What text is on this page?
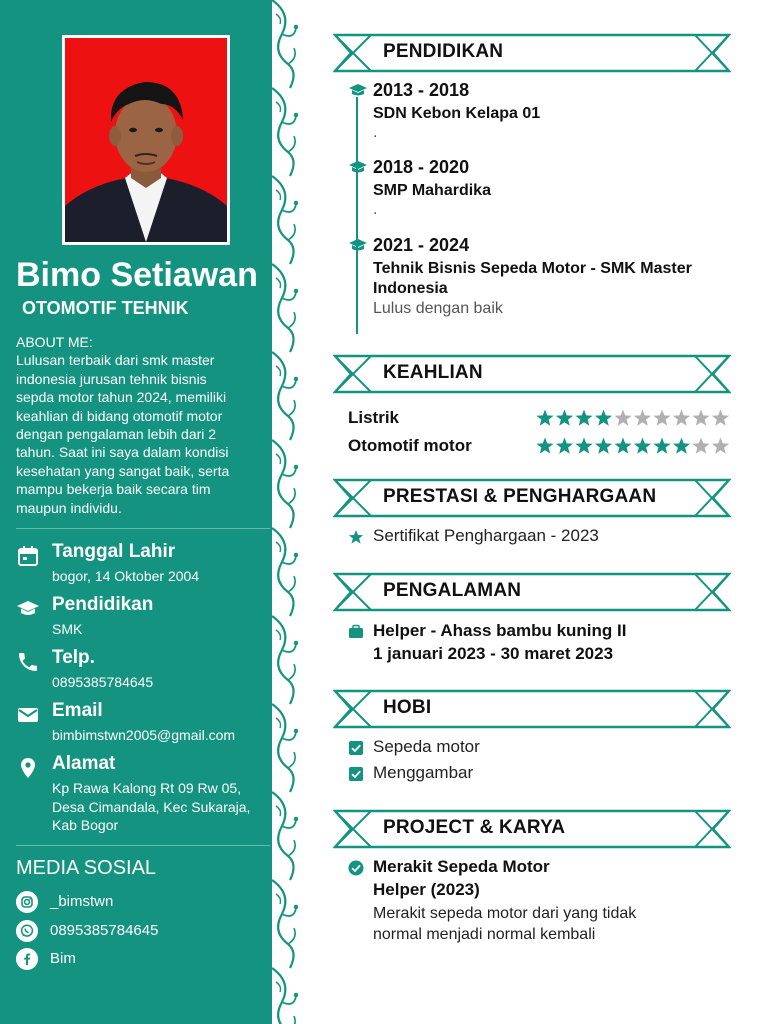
Bimo Setiawan
OTOMOTIF TEHNIK
ABOUT ME:
Lulusan terbaik dari smk master
indonesia jurusan tehnik bisnis
sepda motor tahun 2024, memiliki
keahlian di bidang otomotif motor
dengan pengalaman lebih dari 2
tahun. Saat ini saya dalam kondisi
kesehatan yang sangat baik, serta
mampu bekerja baik secara tim
maupun individu.
Tanggal Lahir
bogor, 14 Oktober 2004
Pendidikan
SMK
Telp.
0895385784645
Email
bimbimstwn2005@gmail.com
Alamat
Kp Rawa Kalong Rt 09 Rw 05,
Desa Cimandala, Kec Sukaraja,
Kab Bogor
MEDIA SOSIAL
_bimstwn
0895385784645
Bim
PENDIDIKAN
KEAHLIAN
PRESTASI & PENGHARGAAN
PENGALAMAN
HOBI
PROJECT & KARYA
2013 - 2018
SDN Kebon Kelapa 01
.
2018 - 2020
SMP Mahardika
.
2021 - 2024
Tehnik Bisnis Sepeda Motor - SMK Master Indonesia
Lulus dengan baik
Listrik
Otomotif motor
Sertifikat Penghargaan - 2023
Helper - Ahass bambu kuning II
1 januari 2023 - 30 maret 2023
Sepeda motor
Menggambar
Merakit Sepeda Motor
Helper (2023)
Merakit sepeda motor dari yang tidak
normal menjadi normal kembali
